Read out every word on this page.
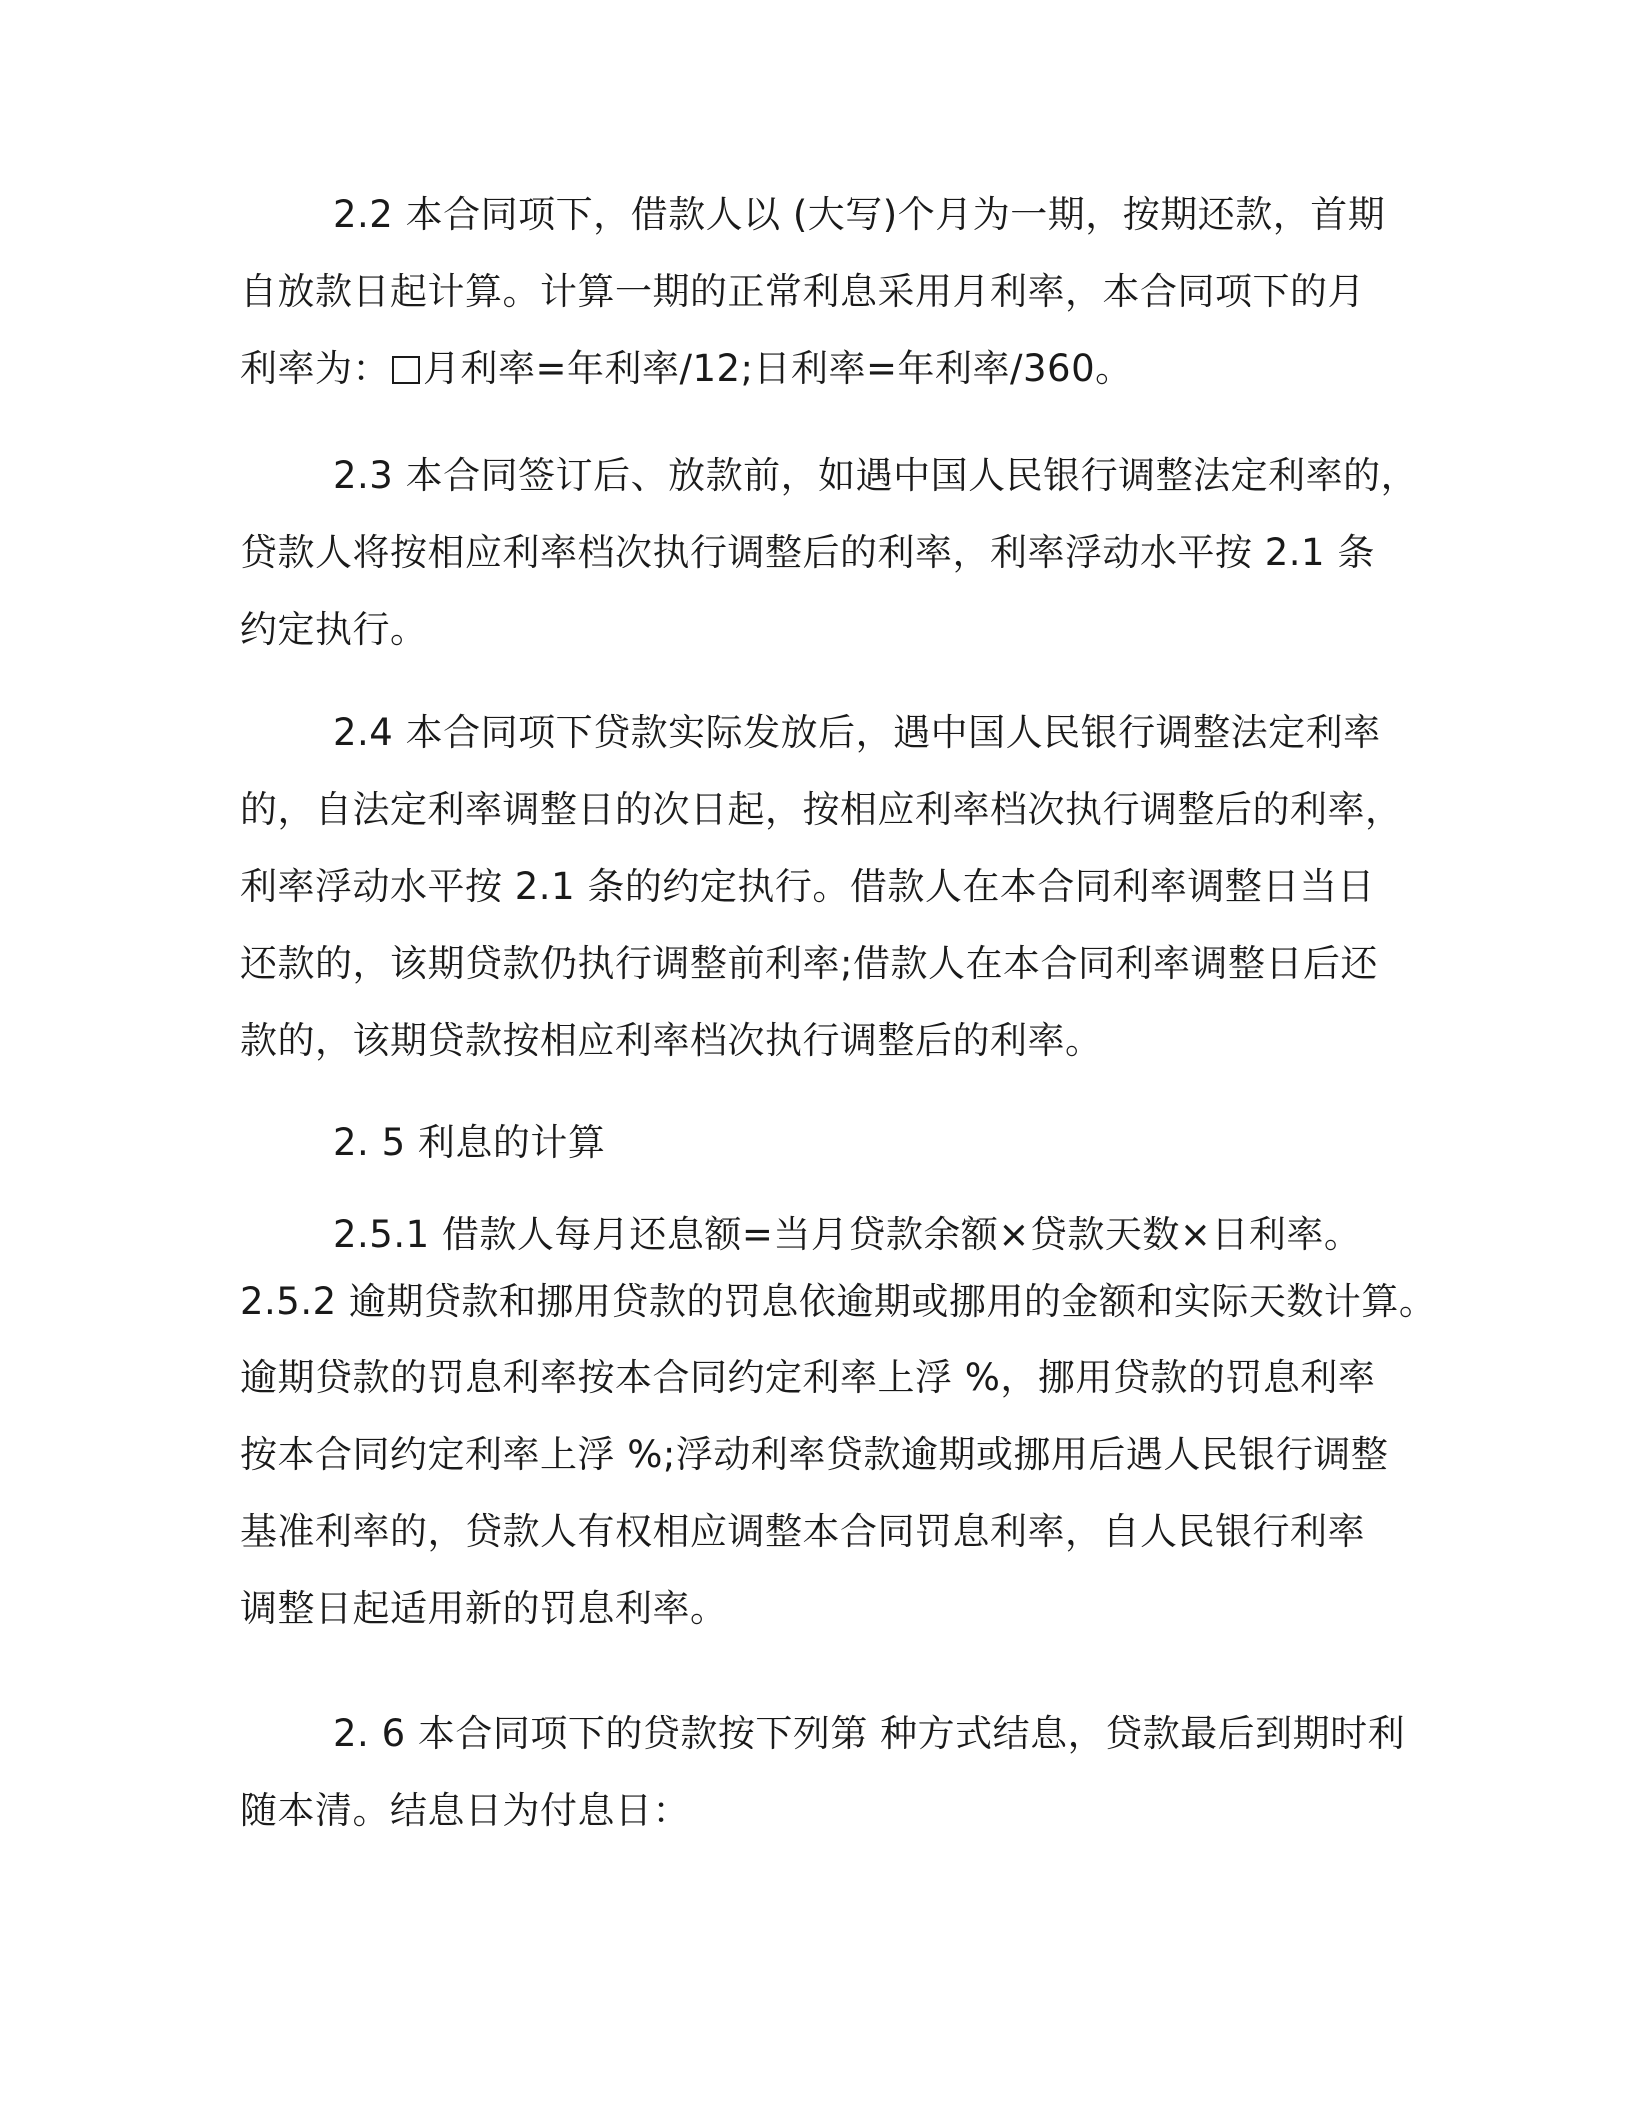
2.2 本合同项下，借款人以 (大写)个月为一期，按期还款，首期
自放款日起计算。计算一期的正常利息采用月利率，本合同项下的月
利率为： 月利率=年利率/12;日利率=年利率/360。
2.3 本合同签订后、放款前，如遇中国人民银行调整法定利率的，
贷款人将按相应利率档次执行调整后的利率，利率浮动水平按 2.1 条
约定执行。
2.4 本合同项下贷款实际发放后，遇中国人民银行调整法定利率
的，自法定利率调整日的次日起，按相应利率档次执行调整后的利率，
利率浮动水平按 2.1 条的约定执行。借款人在本合同利率调整日当日
还款的，该期贷款仍执行调整前利率;借款人在本合同利率调整日后还
款的，该期贷款按相应利率档次执行调整后的利率。
2. 5 利息的计算
2.5.1 借款人每月还息额=当月贷款余额×贷款天数×日利率。
2.5.2 逾期贷款和挪用贷款的罚息依逾期或挪用的金额和实际天数计算。
逾期贷款的罚息利率按本合同约定利率上浮 %，挪用贷款的罚息利率
按本合同约定利率上浮 %;浮动利率贷款逾期或挪用后遇人民银行调整
基准利率的，贷款人有权相应调整本合同罚息利率，自人民银行利率
调整日起适用新的罚息利率。
2. 6 本合同项下的贷款按下列第 种方式结息，贷款最后到期时利
随本清。结息日为付息日：
